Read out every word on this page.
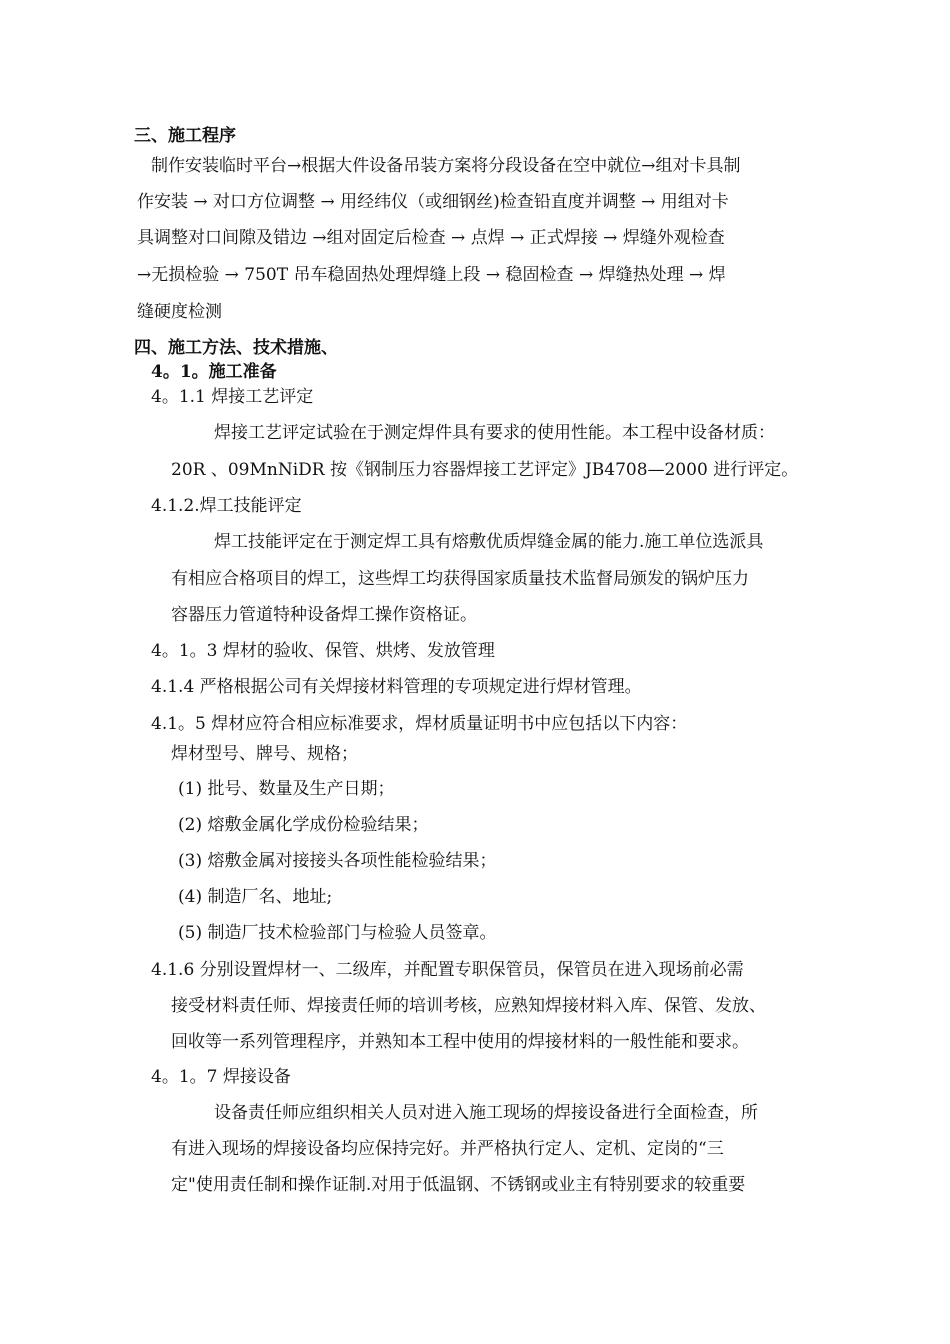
三、施工程序
制作安装临时平台→根据大件设备吊装方案将分段设备在空中就位→组对卡具制
作安装 → 对口方位调整 → 用经纬仪（或细钢丝)检查铅直度并调整 → 用组对卡
具调整对口间隙及错边 →组对固定后检查 → 点焊 → 正式焊接 → 焊缝外观检查
→无损检验 → 750T 吊车稳固热处理焊缝上段 → 稳固检查 → 焊缝热处理 → 焊
缝硬度检测
四、施工方法、技术措施、
4。1。施工准备
4。1.1 焊接工艺评定
焊接工艺评定试验在于测定焊件具有要求的使用性能。本工程中设备材质：
20R 、09MnNiDR 按《钢制压力容器焊接工艺评定》JB4708—2000 进行评定。
4.1.2.焊工技能评定
焊工技能评定在于测定焊工具有熔敷优质焊缝金属的能力.施工单位选派具
有相应合格项目的焊工，这些焊工均获得国家质量技术监督局颁发的锅炉压力
容器压力管道特种设备焊工操作资格证。
4。1。3 焊材的验收、保管、烘烤、发放管理
4.1.4 严格根据公司有关焊接材料管理的专项规定进行焊材管理。
4.1。5 焊材应符合相应标准要求，焊材质量证明书中应包括以下内容：
焊材型号、牌号、规格；
(1) 批号、数量及生产日期；
(2) 熔敷金属化学成份检验结果；
(3) 熔敷金属对接接头各项性能检验结果；
(4) 制造厂名、地址;
(5) 制造厂技术检验部门与检验人员签章。
4.1.6 分别设置焊材一、二级库，并配置专职保管员，保管员在进入现场前必需
接受材料责任师、焊接责任师的培训考核，应熟知焊接材料入库、保管、发放、
回收等一系列管理程序，并熟知本工程中使用的焊接材料的一般性能和要求。
4。1。7 焊接设备
设备责任师应组织相关人员对进入施工现场的焊接设备进行全面检查，所
有进入现场的焊接设备均应保持完好。并严格执行定人、定机、定岗的“三
定"使用责任制和操作证制.对用于低温钢、不锈钢或业主有特别要求的较重要
